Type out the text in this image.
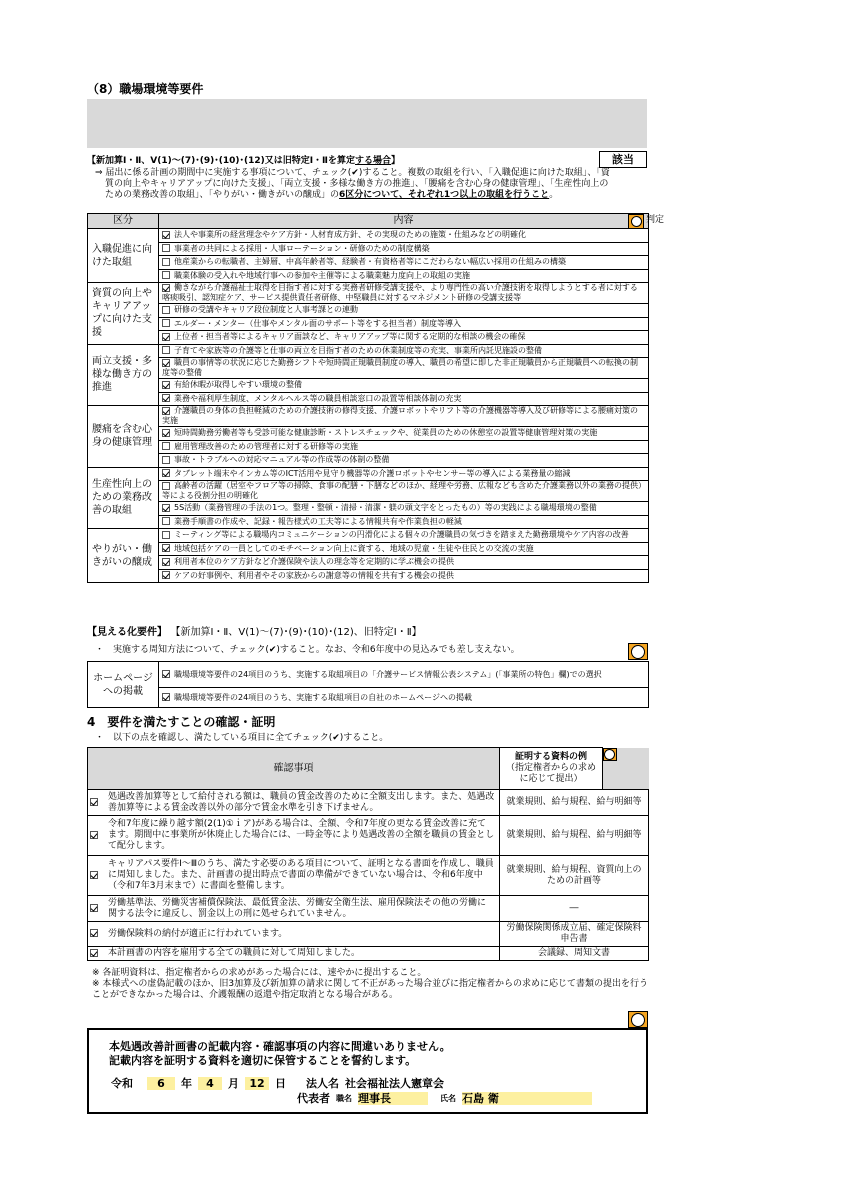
（8）職場環境等要件
【新加算Ⅰ・Ⅱ、Ⅴ(1)～(7)･(9)･(10)･(12)又は旧特定Ⅰ・Ⅱを算定する場合】	該当
⇒ 届出に係る計画の期間中に実施する事項について、チェック(✔)すること。複数の取組を行い、「入職促進に向けた取組」、「資
質の向上やキャリアアップに向けた支援」、「両立支援・多様な働き方の推進」、「腰痛を含む心身の健康管理」、「生産性向上の
ための業務改善の取組」、「やりがい・働きがいの醸成」の6区分について、それぞれ1つ以上の取組を行うこと。
区分	内容
入職促進に向けた取組	法人や事業所の経営理念やケア方針・人材育成方針、その実現のための施策・仕組みなどの明確化
	事業者の共同による採用・人事ローテーション・研修のための制度構築
	他産業からの転職者、主婦層、中高年齢者等、経験者・有資格者等にこだわらない幅広い採用の仕組みの構築
	職業体験の受入れや地域行事への参加や主催等による職業魅力度向上の取組の実施
資質の向上やキャリアアップに向けた支援	働きながら介護福祉士取得を目指す者に対する実務者研修受講支援や、より専門性の高い介護技術を取得しようとする者に対する喀痰吸引、認知症ケア、サービス提供責任者研修、中堅職員に対するマネジメント研修の受講支援等
	研修の受講やキャリア段位制度と人事考課との連動
	エルダー・メンター（仕事やメンタル面のサポート等をする担当者）制度等導入
	上位者・担当者等によるキャリア面談など、キャリアアップ等に関する定期的な相談の機会の確保
両立支援・多様な働き方の推進	子育てや家族等の介護等と仕事の両立を目指す者のための休業制度等の充実、事業所内託児施設の整備
	職員の事情等の状況に応じた勤務シフトや短時間正規職員制度の導入、職員の希望に即した非正規職員から正規職員への転換の制度等の整備
	有給休暇が取得しやすい環境の整備
	業務や福利厚生制度、メンタルヘルス等の職員相談窓口の設置等相談体制の充実
腰痛を含む心身の健康管理	介護職員の身体の負担軽減のための介護技術の修得支援、介護ロボットやリフト等の介護機器等導入及び研修等による腰痛対策の実施
	短時間勤務労働者等も受診可能な健康診断・ストレスチェックや、従業員のための休憩室の設置等健康管理対策の実施
	雇用管理改善のための管理者に対する研修等の実施
	事故・トラブルへの対応マニュアル等の作成等の体制の整備
生産性向上のための業務改善の取組	タブレット端末やインカム等のICT活用や見守り機器等の介護ロボットやセンサー等の導入による業務量の縮減
	高齢者の活躍（居室やフロア等の掃除、食事の配膳・下膳などのほか、経理や労務、広報なども含めた介護業務以外の業務の提供）等による役割分担の明確化
	5S活動（業務管理の手法の1つ。整理・整頓・清掃・清潔・躾の頭文字をとったもの）等の実践による職場環境の整備
	業務手順書の作成や、記録・報告様式の工夫等による情報共有や作業負担の軽減
やりがい・働きがいの醸成	ミーティング等による職場内コミュニケーションの円滑化による個々の介護職員の気づきを踏まえた勤務環境やケア内容の改善
	地域包括ケアの一員としてのモチベーション向上に資する、地域の児童・生徒や住民との交流の実施
	利用者本位のケア方針など介護保険や法人の理念等を定期的に学ぶ機会の提供
	ケアの好事例や、利用者やその家族からの謝意等の情報を共有する機会の提供
判定
【見える化要件】 【新加算Ⅰ・Ⅱ、Ⅴ(1)～(7)･(9)･(10)･(12)、旧特定Ⅰ・Ⅱ】
・　実施する周知方法について、チェック(✔)すること。なお、令和6年度中の見込みでも差し支えない。
ホームページへの掲載	職場環境等要件の24項目のうち、実施する取組項目の「介護サービス情報公表システム」(「事業所の特色」欄)での選択
職場環境等要件の24項目のうち、実施する取組項目の自社のホームページへの掲載
4　要件を満たすことの確認・証明
・　以下の点を確認し、満たしている項目に全てチェック(✔)すること。
確認事項		証明する資料の例
（指定権者からの求め
に応じて提出）

	処遇改善加算等として給付される額は、職員の賃金改善のために全額支出します。また、処遇改善加算等による賃金改善以外の部分で賃金水準を引き下げません。	就業規則、給与規程、給与明細等
	令和7年度に繰り越す額(2(1)①ｉア)がある場合は、全額、令和7年度の更なる賃金改善に充てます。期間中に事業所が休廃止した場合には、一時金等により処遇改善の全額を職員の賃金として配分します。	就業規則、給与規程、給与明細等
	キャリアパス要件Ⅰ～Ⅲのうち、満たす必要のある項目について、証明となる書面を作成し、職員に周知しました。また、計画書の提出時点で書面の準備ができていない場合は、令和6年度中（令和7年3月末まで）に書面を整備します。	就業規則、給与規程、資質向上のための計画等
	労働基準法、労働災害補償保険法、最低賃金法、労働安全衛生法、雇用保険法その他の労働に関する法令に違反し、罰金以上の刑に処せられていません。	―
	労働保険料の納付が適正に行われています。	労働保険関係成立届、確定保険料申告書
	本計画書の内容を雇用する全ての職員に対して周知しました。	会議録、周知文書
※ 各証明資料は、指定権者からの求めがあった場合には、速やかに提出すること。
※ 本様式への虚偽記載のほか、旧3加算及び新加算の請求に関して不正があった場合並びに指定権者からの求めに応じて書類の提出を行うことができなかった場合は、介護報酬の返還や指定取消となる場合がある。
本処遇改善計画書の記載内容・確認事項の内容に間違いありません。
記載内容を証明する資料を適切に保管することを誓約します。
令和	6	年	4	月 12 日 法人名 社会福祉法人憲章会
代表者 職名 理事長	氏名 石島 衛
